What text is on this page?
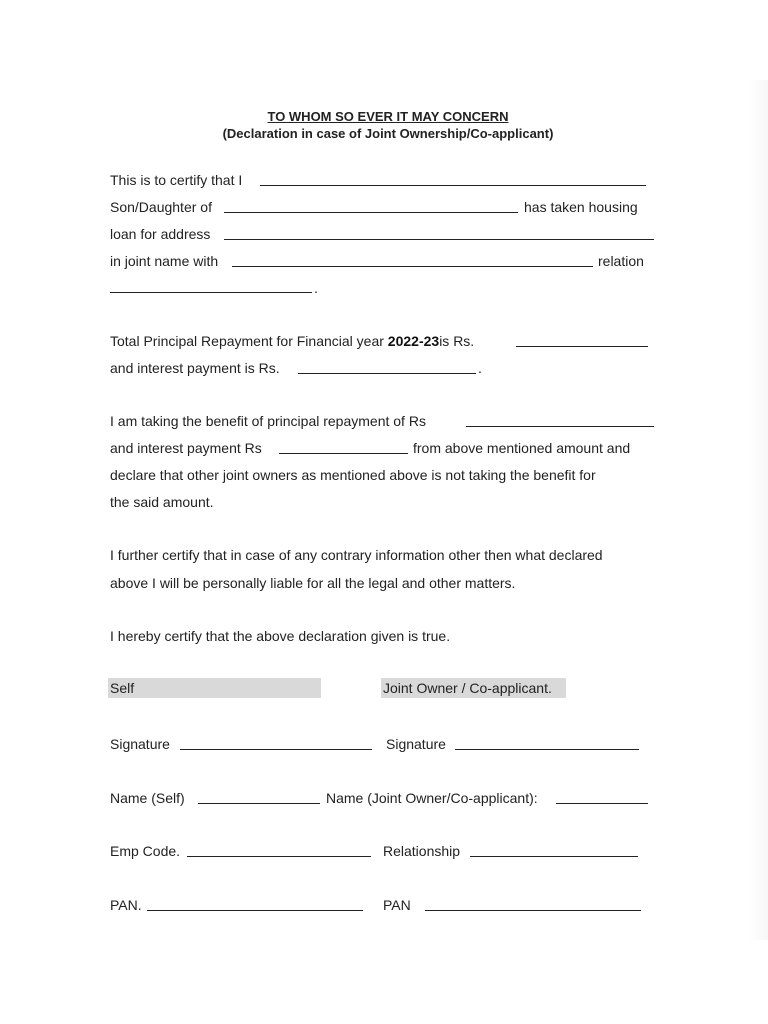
TO WHOM SO EVER IT MAY CONCERN
(Declaration in case of Joint Ownership/Co-applicant)
This is to certify that I
Son/Daughter of	has taken housing
loan for address
in joint name with	relation
.
Total Principal Repayment for Financial year 2022-23is Rs.
and interest payment is Rs.	.
I am taking the benefit of principal repayment of Rs
and interest payment Rs	from above mentioned amount and
declare that other joint owners as mentioned above is not taking the benefit for
the said amount.
I further certify that in case of any contrary information other then what declared
above I will be personally liable for all the legal and other matters.
I hereby certify that the above declaration given is true.
Self	Joint Owner / Co-applicant.
Signature	Signature
Name (Self)	Name (Joint Owner/Co-applicant):
Emp Code.	Relationship
PAN.	PAN
